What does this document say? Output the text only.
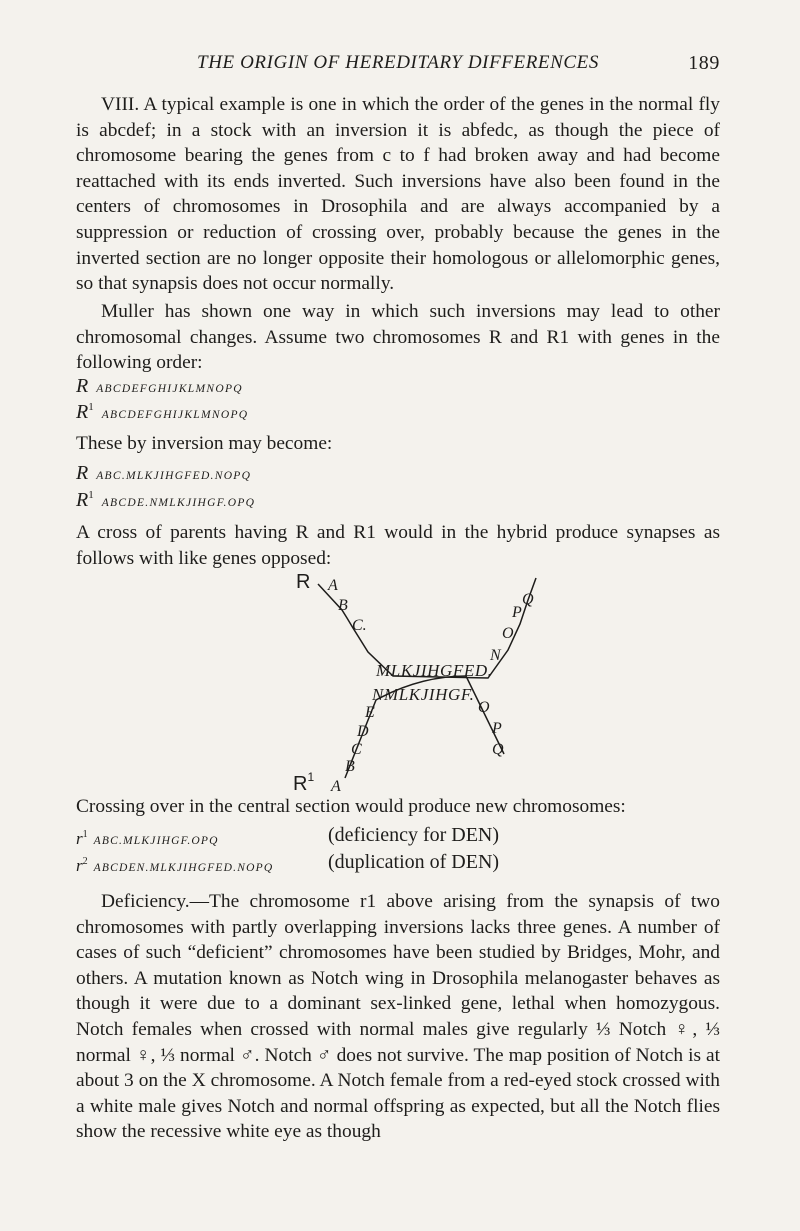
THE ORIGIN OF HEREDITARY DIFFERENCES	189

VIII. A typical example is one in which the order of the genes in the normal fly is abcdef; in a stock with an inversion it is abfedc, as though the piece of chromosome bearing the genes from c to f had broken away and had become reattached with its ends inverted. Such inversions have also been found in the centers of chromosomes in Drosophila and are always accompanied by a suppression or reduction of crossing over, probably because the genes in the inverted section are no longer opposite their homologous or allelomorphic genes, so that synapsis does not occur normally.

Muller has shown one way in which such inversions may lead to other chromosomal changes. Assume two chromosomes R and R1 with genes in the following order:

RABCDEFGHIJKLMNOPQ
$R^1ABCDEFGHIJKLMNOPQ$

These by inversion may become:

RABC.MLKJIHGFED.NOPQ
$R^1ABCDE.NMLKJIHGF.OPQ$

A cross of parents having R and R1 would in the hybrid produce synapses as follows with like genes opposed:

R
$R^1$
A
B
C.
Q
P
O
N
MLKJIHGFED.
NMLKJIHGF.
E
D
C
B
A
O
P
Q

Crossing over in the central section would produce new chromosomes:

$r^1ABC.MLKJIHGF.OPQ$	(deficiency for DEN)
$r^2ABCDEN.MLKJIHGFED.NOPQ$	(duplication of DEN)

Deficiency.—The chromosome r1 above arising from the synapsis of two chromosomes with partly overlapping inversions lacks three genes. A number of cases of such “deficient” chromosomes have been studied by Bridges, Mohr, and others. A mutation known as Notch wing in Drosophila melanogaster behaves as though it were due to a dominant sex-linked gene, lethal when homozygous. Notch females when crossed with normal males give regularly ⅓ Notch ♀, ⅓ normal ♀, ⅓ normal ♂. Notch ♂ does not survive. The map position of Notch is at about 3 on the X chromosome. A Notch female from a red-eyed stock crossed with a white male gives Notch and normal offspring as expected, but all the Notch flies show the recessive white eye as though
